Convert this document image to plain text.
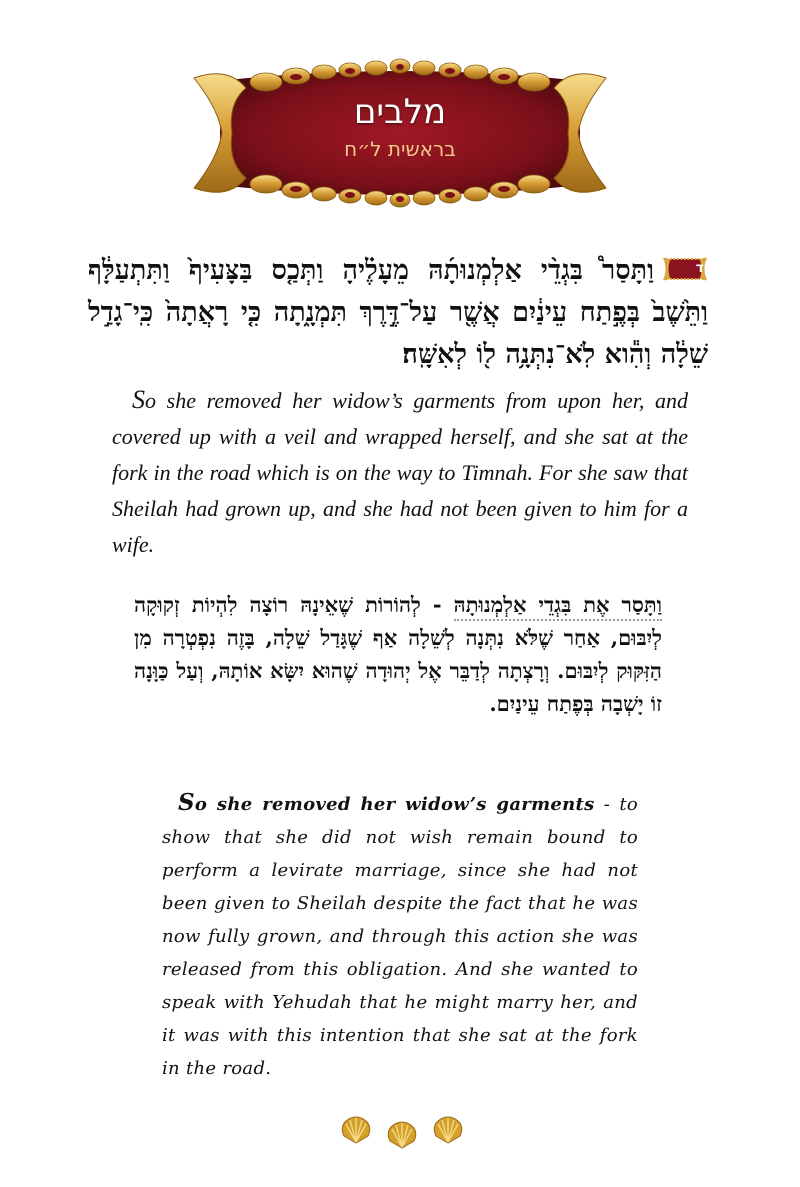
מלבים
בראשית ל״ח
יד
וַתָּסַר֩ בִּגְדֵ֨י אַלְמְנוּתָ֜הּ מֵעָלֶ֗יהָ וַתְּכַ֤ס בַּצָּעִיף֙ וַתִּתְעַלָּ֔ף וַתֵּ֙שֶׁב֙ בְּפֶ֣תַח עֵינַ֔יִם אֲשֶׁ֖ר עַל־דֶּ֣רֶךְ תִּמְנָ֑תָה כִּ֤י רָאֲתָה֙ כִּֽי־גָדַ֣ל שֵׁלָ֔ה וְהִ֕וא לֹֽא־נִתְּנָ֥ה ל֖וֹ לְאִשָּֽׁה׃
So she removed her widow’s garments from upon her, and covered up with a veil and wrapped herself, and she sat at the fork in the road which is on the way to Timnah. For she saw that Sheilah had grown up, and she had not been given to him for a wife.
וַתָּסַר אֶת בִּגְדֵי אַלְמְנוּתָהּ - לְהוֹרוֹת שֶׁאֵינָהּ רוֹצָה לִהְיוֹת זְקוּקָה לְיִבּוּם, אַחַר שֶׁלֹּא נִתְּנָה לְשֵׁלָה אַף שֶׁגָּדַל שֵׁלָה, בָּזֶה נִפְטְרָה מִן הַזִּקּוּק לְיִבּוּם. וְרָצְתָה לְדַבֵּר אֶל יְהוּדָה שֶׁהוּא יִשָּׂא אוֹתָהּ, וְעַל כַּוָּנָה זוֹ יָשְׁבָה בְּפֶתַח עֵינַיִם.
So she removed her widow’s garments - to show that she did not wish remain bound to perform a levirate marriage, since she had not been given to Sheilah despite the fact that he was now fully grown, and through this action she was released from this obligation. And she wanted to speak with Yehudah that he might marry her, and it was with this intention that she sat at the fork in the road.
